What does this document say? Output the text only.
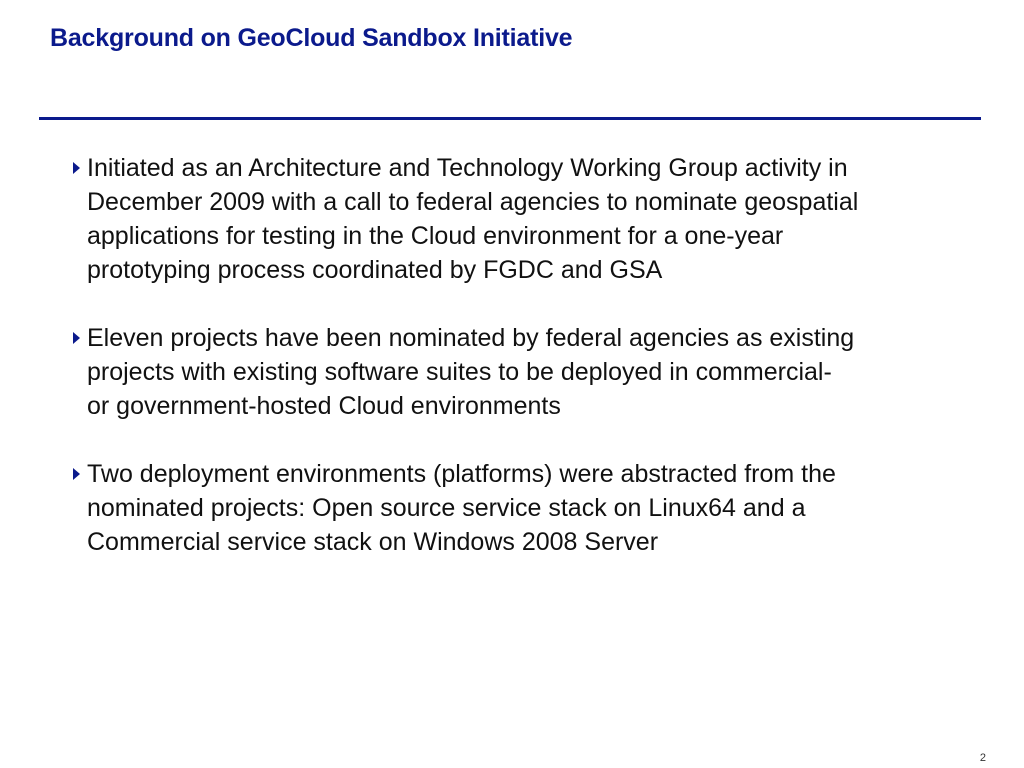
Background on GeoCloud Sandbox Initiative
Initiated as an Architecture and Technology Working Group activity in
December 2009 with a call to federal agencies to nominate geospatial
applications for testing in the Cloud environment for a one-year
prototyping process coordinated by FGDC and GSA
Eleven projects have been nominated by federal agencies as existing
projects with existing software suites to be deployed in commercial-
or government-hosted Cloud environments
Two deployment environments (platforms) were abstracted from the
nominated projects: Open source service stack on Linux64 and a
Commercial service stack on Windows 2008 Server
2
